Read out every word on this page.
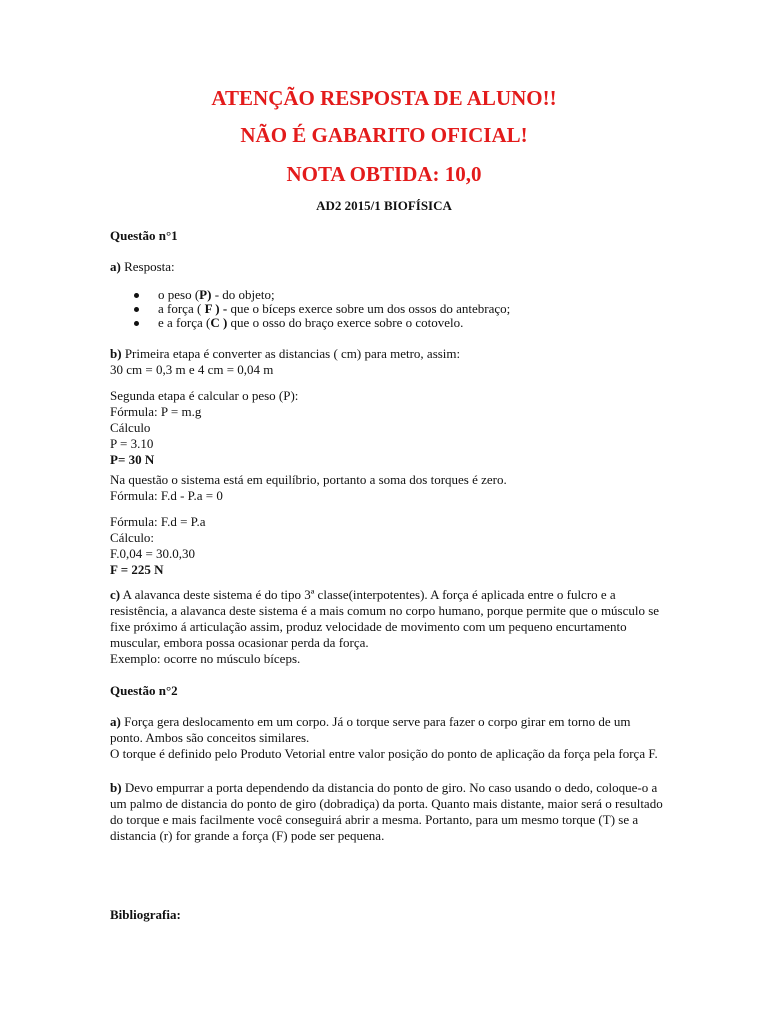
ATENÇÃO RESPOSTA DE ALUNO!!
NÃO É GABARITO OFICIAL!
NOTA OBTIDA: 10,0
AD2 2015/1 BIOFÍSICA

Questão n°1

a) Resposta:

o peso (P) - do objeto;
a força ( F ) - que o bíceps exerce sobre um dos ossos do antebraço;
e a força (C ) que o osso do braço exerce sobre o cotovelo.

b) Primeira etapa é converter as distancias ( cm) para metro, assim:

30 cm = 0,3 m e 4 cm = 0,04 m

Segunda etapa é calcular o peso (P):

Fórmula: P = m.g

Cálculo

P = 3.10

P= 30 N

Na questão o sistema está em equilíbrio, portanto a soma dos torques é zero.

Fórmula: F.d - P.a = 0

Fórmula: F.d = P.a

Cálculo:

F.0,04 = 30.0,30

F = 225 N

c) A alavanca deste sistema é do tipo 3ª classe(interpotentes). A força é aplicada entre o fulcro e a

resistência, a alavanca deste sistema é a mais comum no corpo humano, porque permite que o músculo se

fixe próximo á articulação assim, produz velocidade de movimento com um pequeno encurtamento

muscular, embora possa ocasionar perda da força.

Exemplo: ocorre no músculo bíceps.

Questão n°2

a) Força gera deslocamento em um corpo. Já o torque serve para fazer o corpo girar em torno de um

ponto. Ambos são conceitos similares.

O torque é definido pelo Produto Vetorial entre valor posição do ponto de aplicação da força pela força F.

b) Devo empurrar a porta dependendo da distancia do ponto de giro. No caso usando o dedo, coloque-o a

um palmo de distancia do ponto de giro (dobradiça) da porta. Quanto mais distante, maior será o resultado

do torque e mais facilmente você conseguirá abrir a mesma. Portanto, para um mesmo torque (T) se a

distancia (r) for grande a força (F) pode ser pequena.

Bibliografia:
